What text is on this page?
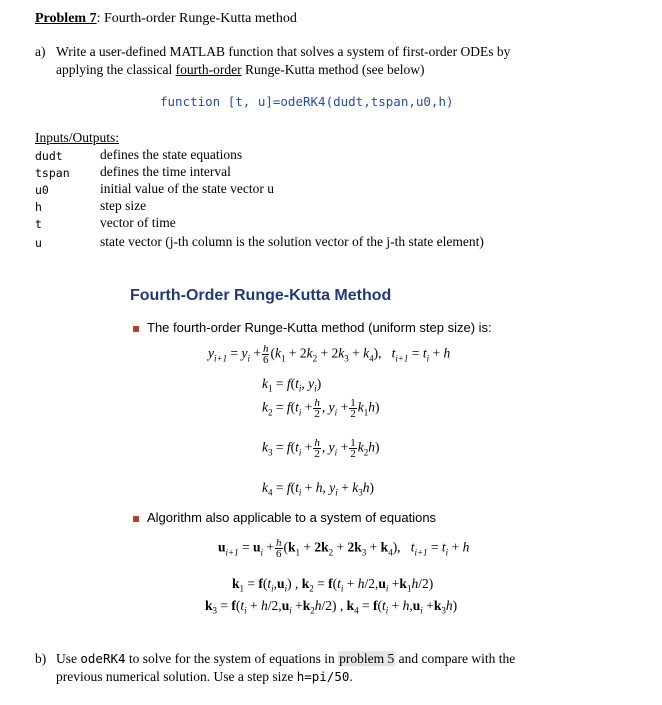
Problem 7: Fourth-order Runge-Kutta method
a) Write a user-defined MATLAB function that solves a system of first-order ODEs by
applying the classical fourth-order Runge-Kutta method (see below)
function [t, u]=odeRK4(dudt,tspan,u0,h)
Inputs/Outputs:
dudt	defines the state equations
tspan defines the time interval
u0	initial value of the state vector u
h	step size
t	vector of time
u	state vector (j-th column is the solution vector of the j-th state element)
Fourth-Order Runge-Kutta Method
The fourth-order Runge-Kutta method (uniform step size) is:
$y_{i+1} = y_i + \frac{h}{6} (k_1 + 2k_2 + 2k_3 + k_4)$,   $t_{i+1} = t_i + h$
$k_1 = f(t_i$, $y_i$)
$k_2 = f(t_i + \frac{h}{2}$ , $y_i + \frac{1}{2} k_1h$)
$k_3 = f(t_i + \frac{h}{2}$ , $y_i + \frac{1}{2} k_2h$)
$k_4 = f(t_i + h$, $y_i + k_3h$)
Algorithm also applicable to a system of equations
$u_{i+1} = u_i + \frac{h}{6} (k_1 + 2k_2 + 2k_3 + k_4)$,   $t_{i+1} = t_i + h$
$k_1 = f(t_i,u_i)$ , $k_2 = f(t_i + h/2,u_i +k_1h/2)$
$k_3 = f(t_i + h/2,u_i +k_2h/2)$ , $k_4 = f(t_i + h,u_i +k_3h)$
b) Use odeRK4 to solve for the system of equations in problem 5 and compare with the
previous numerical solution. Use a step size h=pi/50.
